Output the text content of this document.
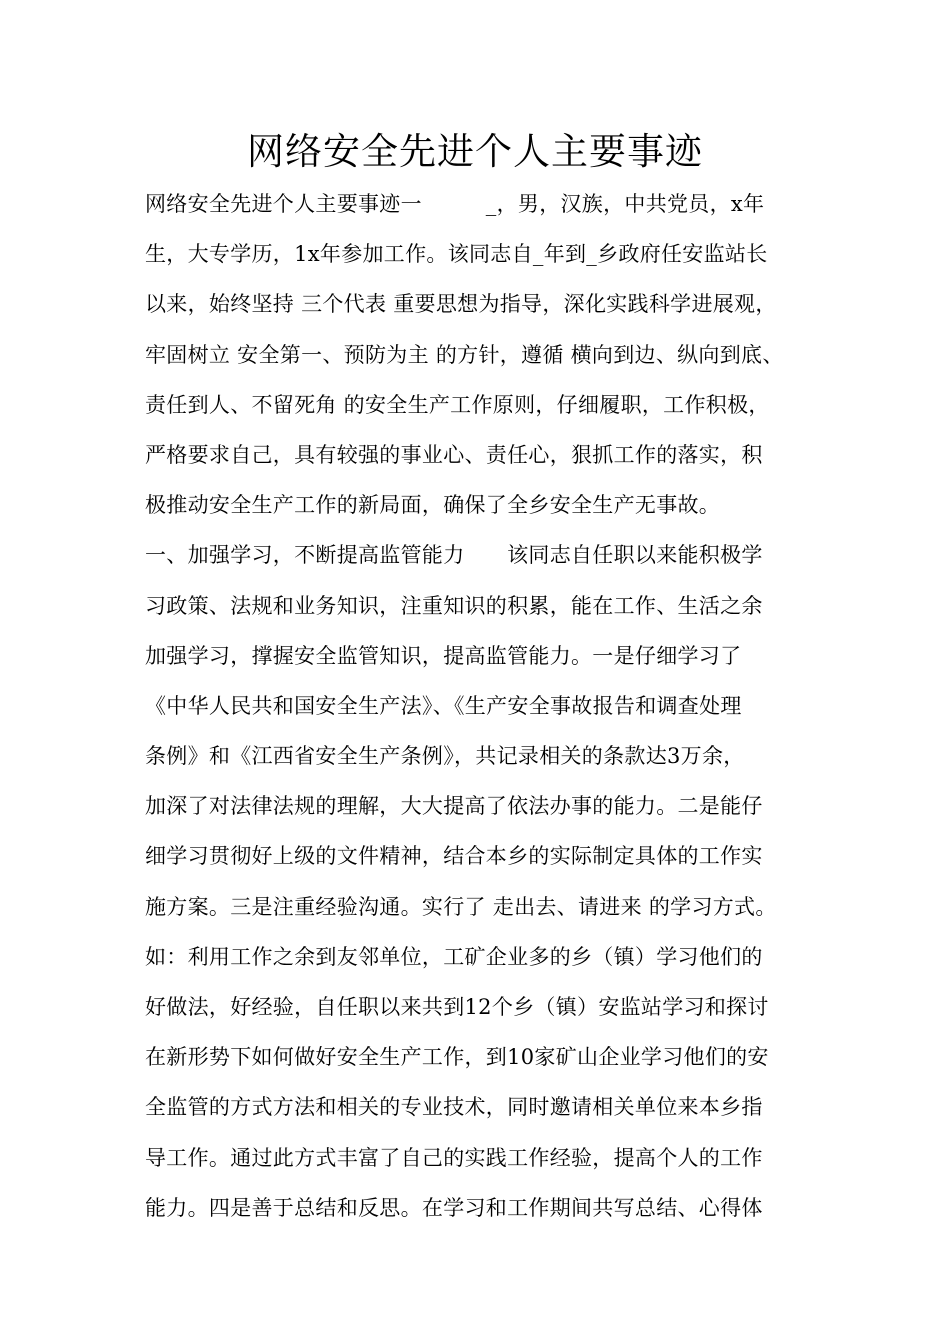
网络安全先进个人主要事迹
网络安全先进个人主要事迹一　　　_，男，汉族，中共党员，x年
生，大专学历，1x年参加工作。该同志自_年到_乡政府任安监站长
以来，始终坚持 三个代表 重要思想为指导，深化实践科学进展观，
牢固树立 安全第一、预防为主 的方针，遵循 横向到边、纵向到底、
责任到人、不留死角 的安全生产工作原则，仔细履职，工作积极，
严格要求自己，具有较强的事业心、责任心，狠抓工作的落实，积
极推动安全生产工作的新局面，确保了全乡安全生产无事故。
一、加强学习，不断提高监管能力　　该同志自任职以来能积极学
习政策、法规和业务知识，注重知识的积累，能在工作、生活之余
加强学习，撑握安全监管知识，提高监管能力。一是仔细学习了
《中华人民共和国安全生产法》、《生产安全事故报告和调查处理
条例》和《江西省安全生产条例》，共记录相关的条款达3万余，
加深了对法律法规的理解，大大提高了依法办事的能力。二是能仔
细学习贯彻好上级的文件精神，结合本乡的实际制定具体的工作实
施方案。三是注重经验沟通。实行了 走出去、请进来 的学习方式。
如：利用工作之余到友邻单位，工矿企业多的乡（镇）学习他们的
好做法，好经验，自任职以来共到12个乡（镇）安监站学习和探讨
在新形势下如何做好安全生产工作，到10家矿山企业学习他们的安
全监管的方式方法和相关的专业技术，同时邀请相关单位来本乡指
导工作。通过此方式丰富了自己的实践工作经验，提高个人的工作
能力。四是善于总结和反思。在学习和工作期间共写总结、心得体
